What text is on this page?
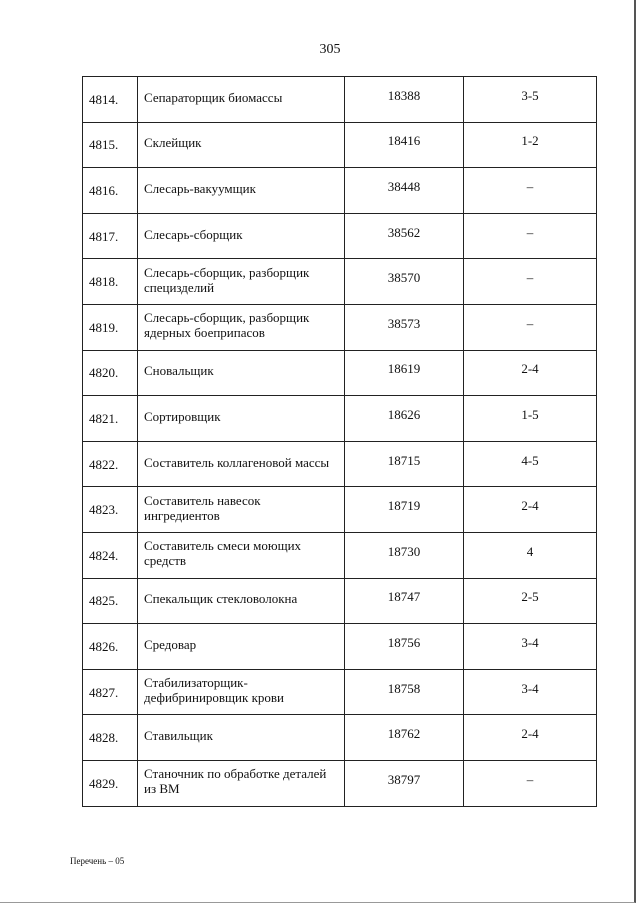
305
4814.	Сепараторщик биомассы	18388	3-5
4815.	Склейщик	18416	1-2
4816.	Слесарь-вакуумщик	38448	–
4817.	Слесарь-сборщик	38562	–
4818.	Слесарь-сборщик, разборщик специзделий	38570	–
4819.	Слесарь-сборщик, разборщик ядерных боеприпасов	38573	–
4820.	Сновальщик	18619	2-4
4821.	Сортировщик	18626	1-5
4822.	Составитель коллагеновой массы	18715	4-5
4823.	Составитель навесок ингредиентов	18719	2-4
4824.	Составитель смеси моющих средств	18730	4
4825.	Спекальщик стекловолокна	18747	2-5
4826.	Средовар	18756	3-4
4827.	Стабилизаторщик-дефибринировщик крови	18758	3-4
4828.	Ставильщик	18762	2-4
4829.	Станочник по обработке деталей из ВМ	38797	–
Перечень – 05
